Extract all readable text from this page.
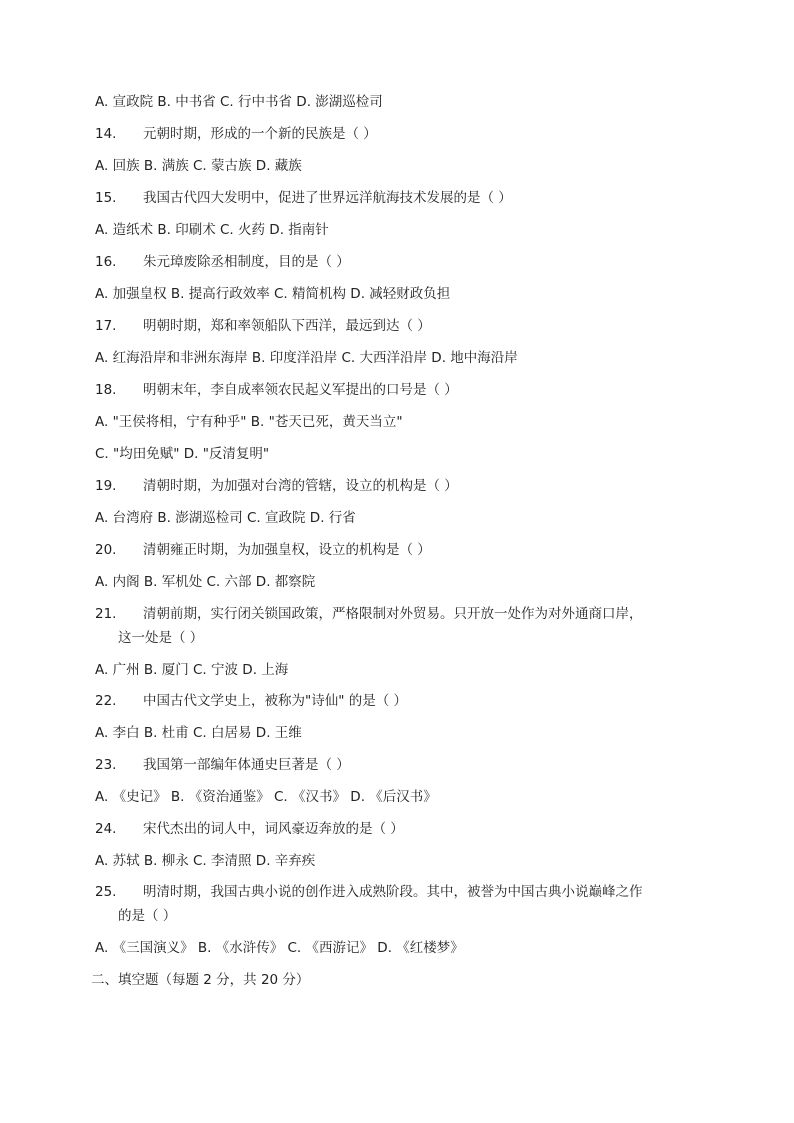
A. 宣政院 B. 中书省 C. 行中书省 D. 澎湖巡检司
14. 元朝时期，形成的一个新的民族是（ ）
A. 回族 B. 满族 C. 蒙古族 D. 藏族
15. 我国古代四大发明中，促进了世界远洋航海技术发展的是（ ）
A. 造纸术 B. 印刷术 C. 火药 D. 指南针
16. 朱元璋废除丞相制度，目的是（ ）
A. 加强皇权 B. 提高行政效率 C. 精简机构 D. 减轻财政负担
17. 明朝时期，郑和率领船队下西洋，最远到达（ ）
A. 红海沿岸和非洲东海岸 B. 印度洋沿岸 C. 大西洋沿岸 D. 地中海沿岸
18. 明朝末年，李自成率领农民起义军提出的口号是（ ）
A. "王侯将相，宁有种乎" B. "苍天已死，黄天当立"
C. "均田免赋" D. "反清复明"
19. 清朝时期，为加强对台湾的管辖，设立的机构是（ ）
A. 台湾府 B. 澎湖巡检司 C. 宣政院 D. 行省
20. 清朝雍正时期，为加强皇权，设立的机构是（ ）
A. 内阁 B. 军机处 C. 六部 D. 都察院
21. 清朝前期，实行闭关锁国政策，严格限制对外贸易。只开放一处作为对外通商口岸，
这一处是（ ）
A. 广州 B. 厦门 C. 宁波 D. 上海
22. 中国古代文学史上，被称为"诗仙" 的是（ ）
A. 李白 B. 杜甫 C. 白居易 D. 王维
23. 我国第一部编年体通史巨著是（ ）
A. 《史记》 B. 《资治通鉴》 C. 《汉书》 D. 《后汉书》
24. 宋代杰出的词人中，词风豪迈奔放的是（ ）
A. 苏轼 B. 柳永 C. 李清照 D. 辛弃疾
25. 明清时期，我国古典小说的创作进入成熟阶段。其中，被誉为中国古典小说巅峰之作
的是（ ）
A. 《三国演义》 B. 《水浒传》 C. 《西游记》 D. 《红楼梦》
二、填空题（每题 2 分，共 20 分）
